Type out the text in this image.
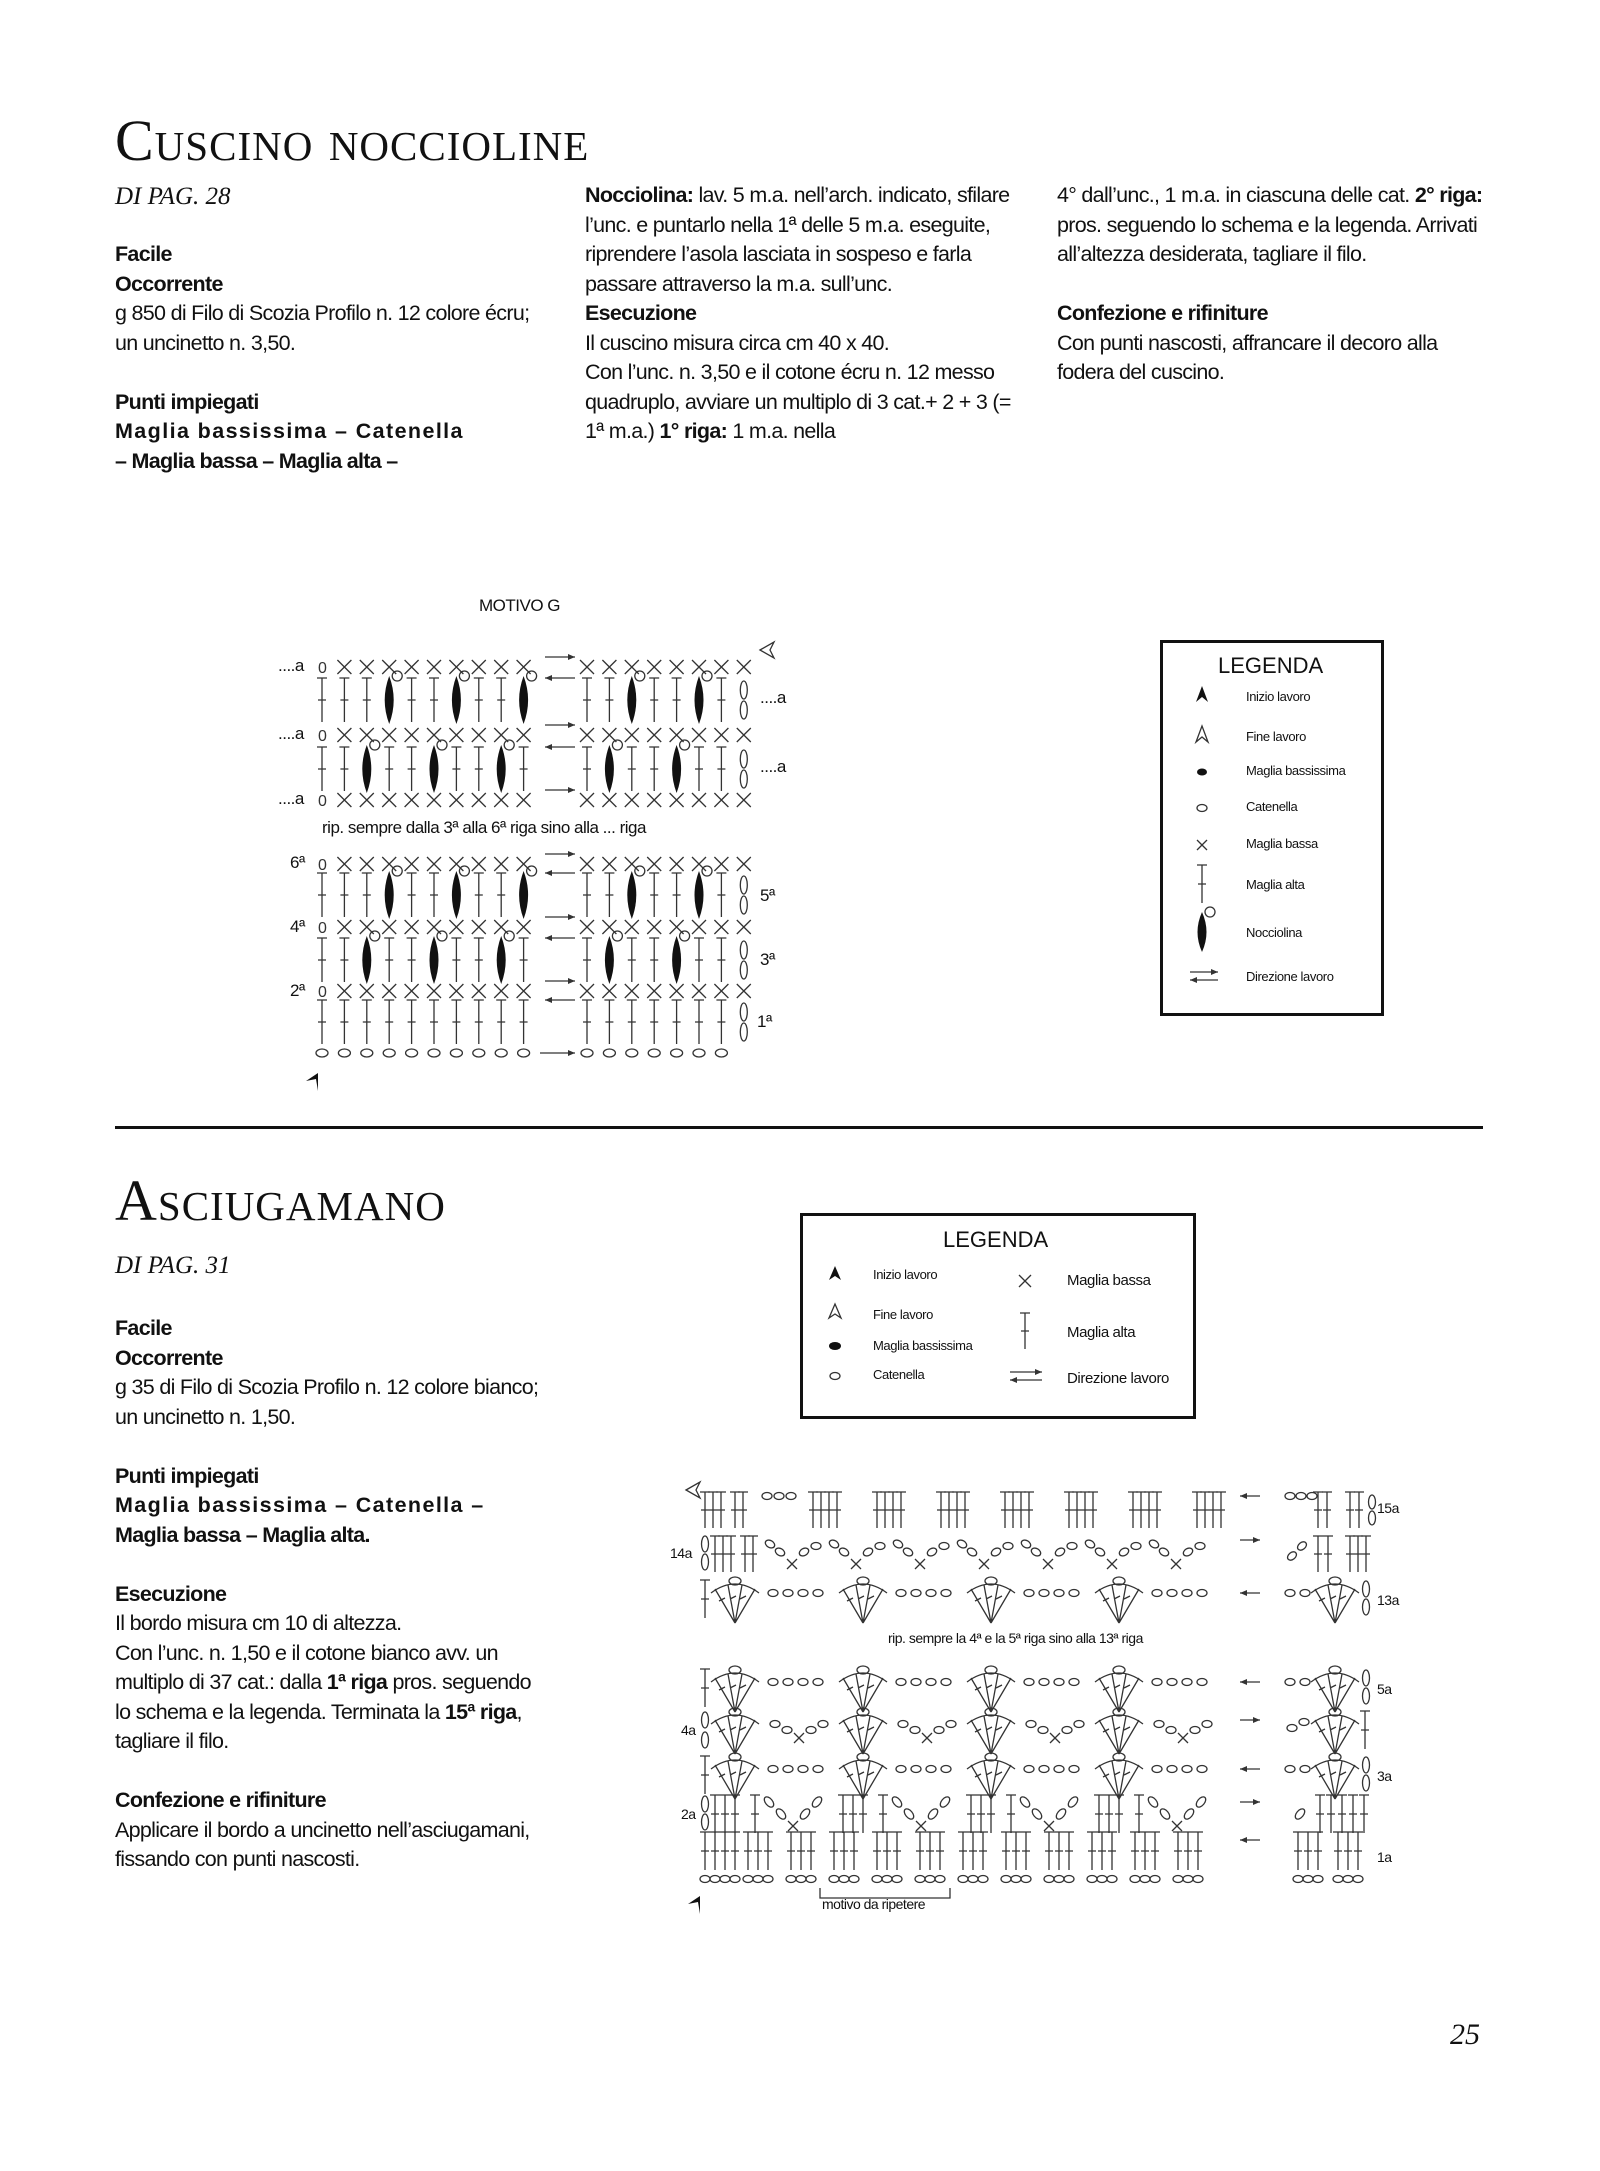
Cuscino noccioline
DI PAG. 28

Facile

Occorrente

g 850 di Filo di Scozia Profilo n. 12 colore écru; un uncinetto n. 3,50.

Punti impiegati

Maglia bassissima – Catenella

– Maglia bassa – Maglia alta –

Nocciolina: lav. 5 m.a. nell’arch. indicato, sfilare l’unc. e puntarlo nella 1ª delle 5 m.a. eseguite, riprendere l’asola lasciata in sospeso e farla passare attraverso la m.a. sull’unc.

Esecuzione

Il cuscino misura circa cm 40 x 40.

Con l’unc. n. 3,50 e il cotone écru n. 12 messo quadruplo, avviare un multiplo di 3 cat.+ 2 + 3 (= 1ª m.a.) 1° riga: 1 m.a. nella

4° dall’unc., 1 m.a. in ciascuna delle cat. 2° riga: pros. seguendo lo schema e la legenda. Arrivati all’altezza desiderata, tagliare il filo.

Confezione e rifiniture

Con punti nascosti, affrancare il decoro alla fodera del cuscino.

MOTIVO G
rip. sempre dalla 3ª alla 6ª riga sino alla ... riga
....a
....a
....a
....a
....a
6ª
5ª
4ª
3ª
2ª
1ª
LEGENDA
Inizio lavoro
Fine lavoro
Maglia bassissima
Catenella
Maglia bassa
Maglia alta
Nocciolina
Direzione lavoro
Asciugamano
DI PAG. 31

Facile

Occorrente

g 35 di Filo di Scozia Profilo n. 12 colore bianco; un uncinetto n. 1,50.

Punti impiegati

Maglia bassissima – Catenella –

Maglia bassa – Maglia alta.

Esecuzione

Il bordo misura cm 10 di altezza.

Con l’unc. n. 1,50 e il cotone bianco avv. un multiplo di 37 cat.: dalla 1ª riga pros. seguendo lo schema e la legenda. Terminata la 15ª riga, tagliare il filo.

Confezione e rifiniture

Applicare il bordo a uncinetto nell’asciugamani, fissando con punti nascosti.

LEGENDA
Inizio lavoro
Fine lavoro
Maglia bassissima
Catenella
Maglia bassa
Maglia alta
Direzione lavoro
15a
14a
13a
rip. sempre la 4ª e la 5ª riga sino alla 13ª riga
5a
4a
3a
2a
1a
motivo da ripetere
25
0
0
0
0
0
0
